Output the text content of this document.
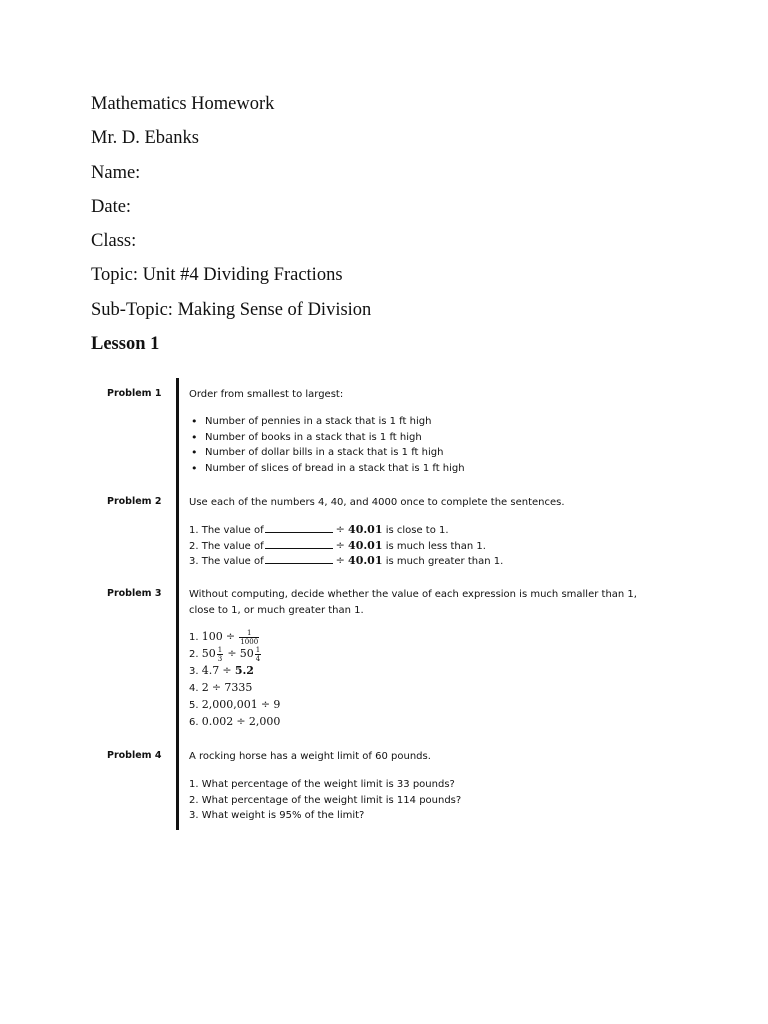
Mathematics Homework
Mr. D. Ebanks
Name:
Date:
Class:
Topic: Unit #4 Dividing Fractions
Sub-Topic: Making Sense of Division
Lesson 1
Problem 1	Order from smallest to largest:
• Number of pennies in a stack that is 1 ft high
• Number of books in a stack that is 1 ft high
• Number of dollar bills in a stack that is 1 ft high
• Number of slices of bread in a stack that is 1 ft high
Problem 2	Use each of the numbers 4, 40, and 4000 once to complete the sentences.
1. The value of	÷ 40.01 is close to 1.
2. The value of	÷ 40.01 is much less than 1.
3. The value of	÷ 40.01 is much greater than 1.
Problem 3	Without computing, decide whether the value of each expression is much smaller than 1, close to 1, or much greater than 1.
1. $100 \div \frac{1}{1000}$
2. $50 \frac{1}{3} \div 50 \frac{1}{4}$
3. 4.7 ÷ 5.2
4. 2 ÷ 7335
5. 2,000,001 ÷ 9
6. 0.002 ÷ 2,000
Problem 4	A rocking horse has a weight limit of 60 pounds.
1. What percentage of the weight limit is 33 pounds?
2. What percentage of the weight limit is 114 pounds?
3. What weight is 95% of the limit?
